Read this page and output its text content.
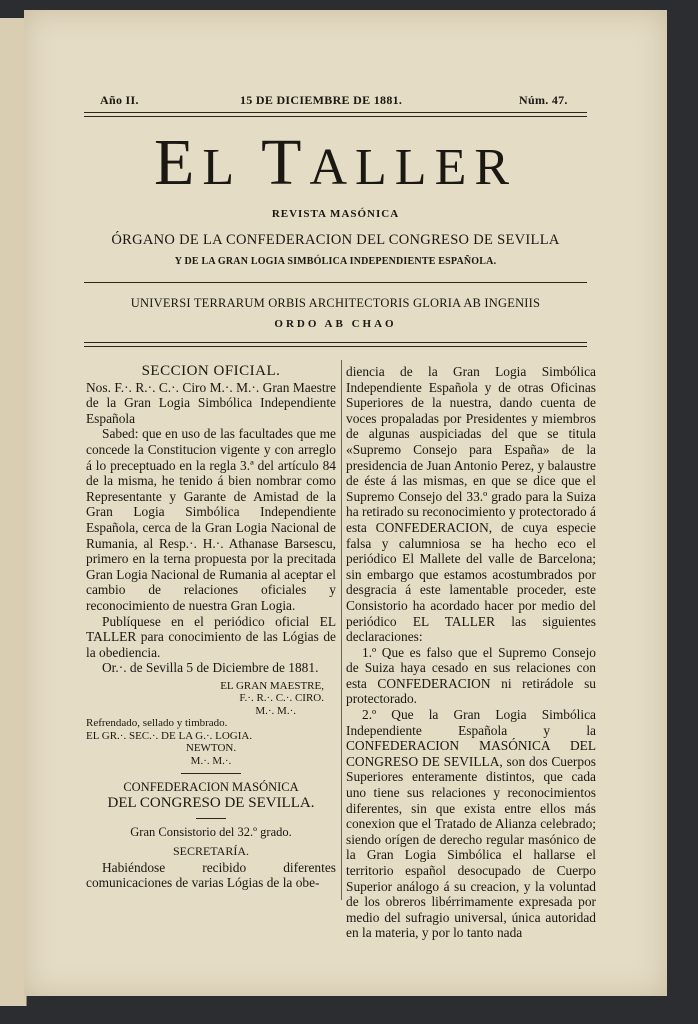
Año II.	15 DE DICIEMBRE DE 1881.	Núm. 47.
EL TALLER
REVISTA MASÓNICA
ÓRGANO DE LA CONFEDERACION DEL CONGRESO DE SEVILLA
Y DE LA GRAN LOGIA SIMBÓLICA INDEPENDIENTE ESPAÑOLA.
UNIVERSI TERRARUM ORBIS ARCHITECTORIS GLORIA AB INGENIIS
ORDO AB CHAO

SECCION OFICIAL.

Nos. F.·. R.·. C.·. Ciro M.·. M.·. Gran Maestre de la Gran Logia Simbólica Independiente Española

Sabed: que en uso de las facultades que me concede la Constitucion vigente y con arreglo á lo preceptuado en la regla 3.ª del artículo 84 de la misma, he tenido á bien nombrar como Representante y Garante de Amistad de la Gran Logia Simbólica Independiente Española, cerca de la Gran Logia Nacional de Rumania, al Resp.·. H.·. Athanase Barsescu, primero en la terna propuesta por la precitada Gran Logia Nacional de Rumania al aceptar el cambio de relaciones oficiales y reconocimiento de nuestra Gran Logia.

Publíquese en el periódico oficial EL TALLER para conocimiento de las Lógias de la obediencia.

Or.·. de Sevilla 5 de Diciembre de 1881.

EL GRAN MAESTRE,

F.·. R.·. C.·. CIRO.

M.·. M.·.

Refrendado, sellado y timbrado.

EL GR.·. SEC.·. DE LA G.·. LOGIA.

NEWTON.

M.·. M.·.

CONFEDERACION MASÓNICA

DEL CONGRESO DE SEVILLA.

Gran Consistorio del 32.º grado.

SECRETARÍA.

Habiéndose recibido diferentes comunicaciones de varias Lógias de la obe-

diencia de la Gran Logia Simbólica Independiente Española y de otras Oficinas Superiores de la nuestra, dando cuenta de voces propaladas por Presidentes y miembros de algunas auspiciadas del que se titula «Supremo Consejo para España» de la presidencia de Juan Antonio Perez, y balaustre de éste á las mismas, en que se dice que el Supremo Consejo del 33.º grado para la Suiza ha retirado su reconocimiento y protectorado á esta CONFEDERACION, de cuya especie falsa y calumniosa se ha hecho eco el periódico El Mallete del valle de Barcelona; sin embargo que estamos acostumbrados por desgracia á este lamentable proceder, este Consistorio ha acordado hacer por medio del periódico EL TALLER las siguientes declaraciones:

1.º Que es falso que el Supremo Consejo de Suiza haya cesado en sus relaciones con esta CONFEDERACION ni retirádole su protectorado.

2.º Que la Gran Logia Simbólica Independiente Española y la CONFEDERACION MASÓNICA DEL CONGRESO DE SEVILLA, son dos Cuerpos Superiores enteramente distintos, que cada uno tiene sus relaciones y reconocimientos diferentes, sin que exista entre ellos más conexion que el Tratado de Alianza celebrado; siendo orígen de derecho regular masónico de la Gran Logia Simbólica el hallarse el territorio español desocupado de Cuerpo Superior análogo á su creacion, y la voluntad de los obreros libérrimamente expresada por medio del sufragio universal, única autoridad en la materia, y por lo tanto nada
